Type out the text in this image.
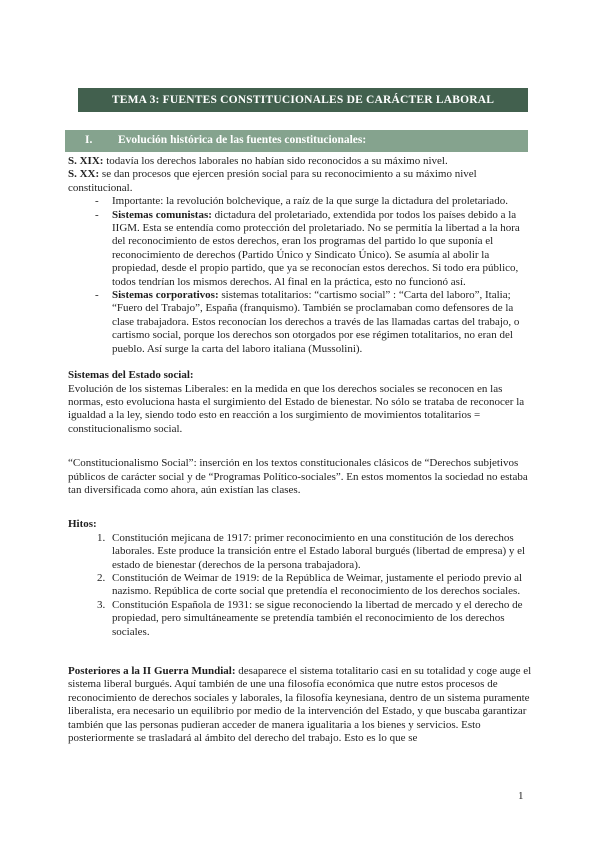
TEMA 3: FUENTES CONSTITUCIONALES DE CARÁCTER LABORAL
I.	Evolución histórica de las fuentes constitucionales:

S. XIX: todavía los derechos laborales no habían sido reconocidos a su máximo nivel.
S. XX: se dan procesos que ejercen presión social para su reconocimiento a su máximo nivel constitucional.

- Importante: la revolución bolchevique, a raíz de la que surge la dictadura del proletariado.
- Sistemas comunistas: dictadura del proletariado, extendida por todos los países debido a la IIGM. Esta se entendía como protección del proletariado. No se permitía la libertad a la hora del reconocimiento de estos derechos, eran los programas del partido lo que suponía el reconocimiento de derechos (Partido Único y Sindicato Único). Se asumía al abolir la propiedad, desde el propio partido, que ya se reconocían estos derechos. Si todo era público, todos tendrían los mismos derechos. Al final en la práctica, esto no funcionó así.
- Sistemas corporativos: sistemas totalitarios: “cartismo social” : “Carta del laboro”, Italia; “Fuero del Trabajo”, España (franquismo). También se proclamaban como defensores de la clase trabajadora. Estos reconocían los derechos a través de las llamadas cartas del trabajo, o cartismo social, porque los derechos son otorgados por ese régimen totalitarios, no eran del pueblo. Así surge la carta del laboro italiana (Mussolini).

Sistemas del Estado social:

Evolución de los sistemas Liberales: en la medida en que los derechos sociales se reconocen en las normas, esto evoluciona hasta el surgimiento del Estado de bienestar. No sólo se trataba de reconocer la igualdad a la ley, siendo todo esto en reacción a los surgimiento de movimientos totalitarios = constitucionalismo social.

“Constitucionalismo Social”: inserción en los textos constitucionales clásicos de “Derechos subjetivos públicos de carácter social y de “Programas Político-sociales”. En estos momentos la sociedad no estaba tan diversificada como ahora, aún existían las clases.

Hitos:

1. Constitución mejicana de 1917: primer reconocimiento en una constitución de los derechos laborales. Este produce la transición entre el Estado laboral burgués (libertad de empresa) y el estado de bienestar (derechos de la persona trabajadora).
2. Constitución de Weimar de 1919: de la República de Weimar, justamente el periodo previo al nazismo. República de corte social que pretendía el reconocimiento de los derechos sociales.
3. Constitución Española de 1931: se sigue reconociendo la libertad de mercado y el derecho de propiedad, pero simultáneamente se pretendía también el reconocimiento de los derechos sociales.

Posteriores a la II Guerra Mundial: desaparece el sistema totalitario casi en su totalidad y coge auge el sistema liberal burgués. Aquí también de une una filosofía económica que nutre estos procesos de reconocimiento de derechos sociales y laborales, la filosofía keynesiana, dentro de un sistema puramente liberalista, era necesario un equilibrio por medio de la intervención del Estado, y que buscaba garantizar también que las personas pudieran acceder de manera igualitaria a los bienes y servicios. Esto posteriormente se trasladará al ámbito del derecho del trabajo. Esto es lo que se

1
